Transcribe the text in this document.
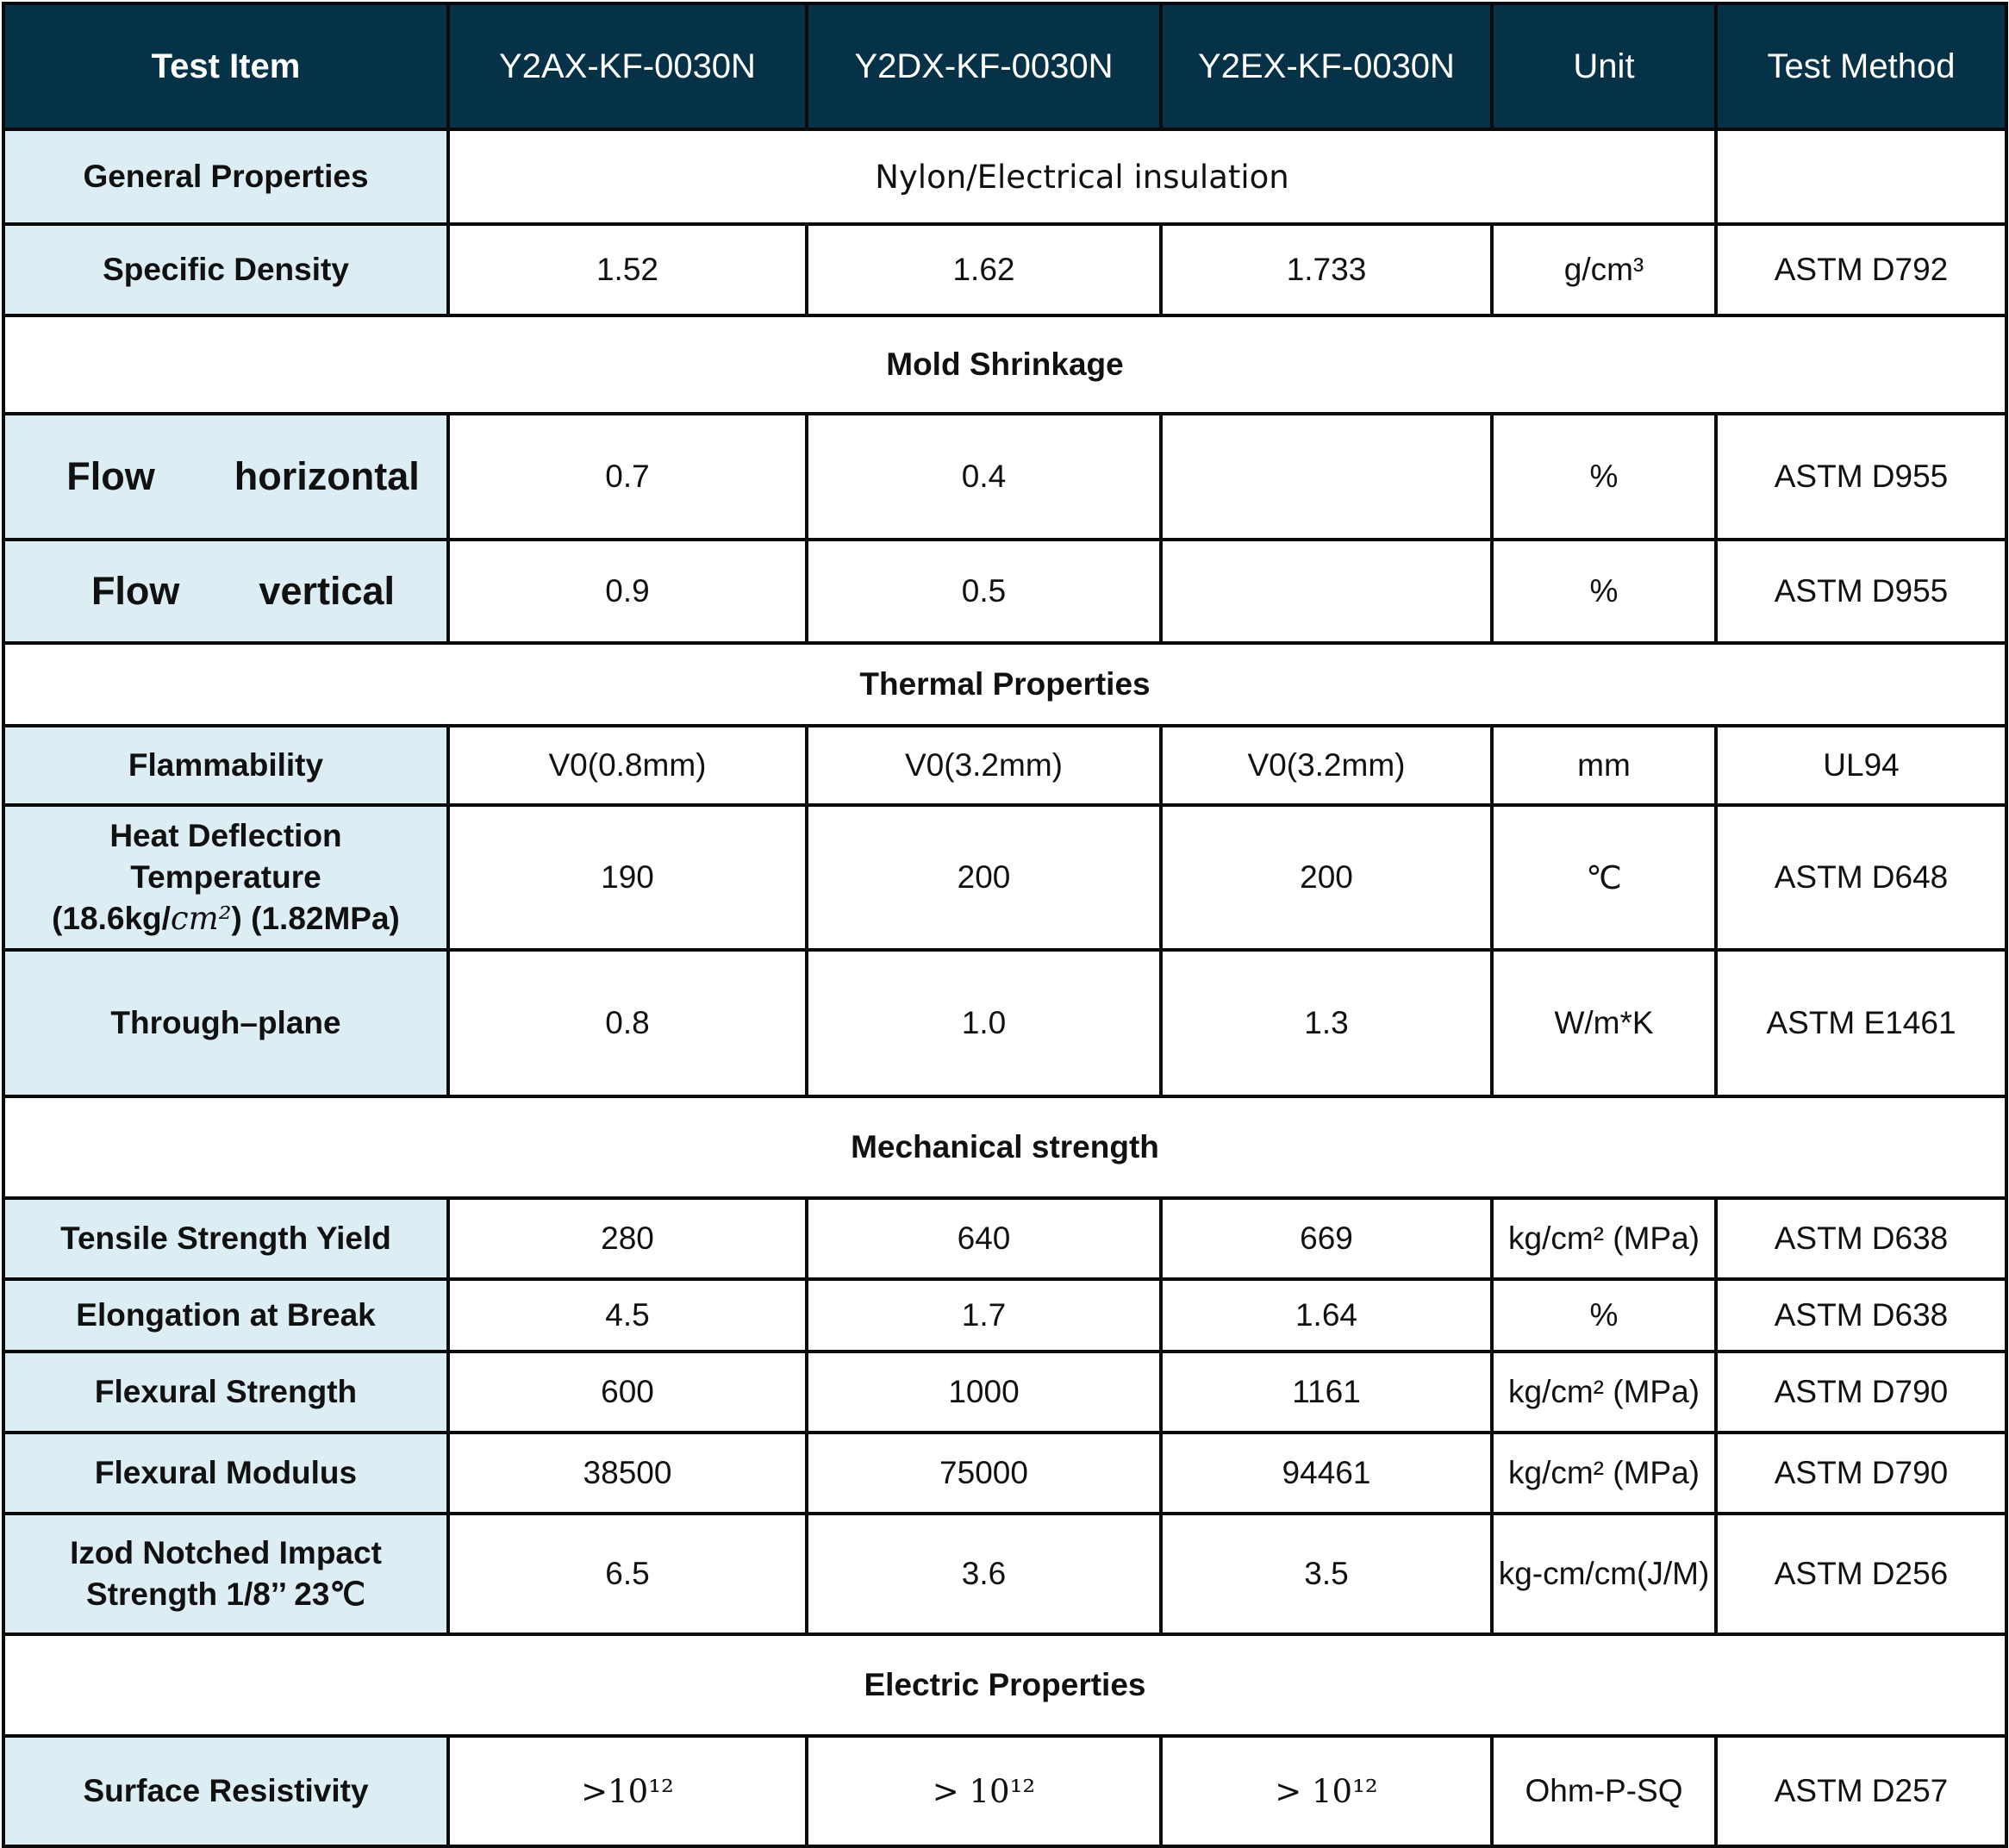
Test Item	Y2AX-KF-0030N	Y2DX-KF-0030N	Y2EX-KF-0030N	Unit	Test Method
General Properties	Nylon/Electrical insulation				
Specific Density	1.52	1.62	1.733	g/cm³	ASTM D792
Mold Shrinkage					
Flow horizontal	0.7	0.4		%	ASTM D955
Flow vertical	0.9	0.5		%	ASTM D955
Thermal Properties					
Flammability	V0(0.8mm)	V0(3.2mm)	V0(3.2mm)	mm	UL94

Heat Deflection
Temperature
(18.6kg/cm²) (1.82MPa)	190	200	200	℃	ASTM D648
Through–plane	0.8	1.0	1.3	W/m*K	ASTM E1461
Mechanical strength					
Tensile Strength Yield	280	640	669	kg/cm² (MPa)	ASTM D638
Elongation at Break	4.5	1.7	1.64	%	ASTM D638
Flexural Strength	600	1000	1161	kg/cm² (MPa)	ASTM D790
Flexural Modulus	38500	75000	94461	kg/cm² (MPa)	ASTM D790

Izod Notched Impact
Strength 1/8’’ 23℃	6.5	3.6	3.5	kg-cm/cm(J/M)	ASTM D256
Electric Properties					
Surface Resistivity	>10¹²	> 10¹²	> 10¹²	Ohm-P-SQ	ASTM D257
